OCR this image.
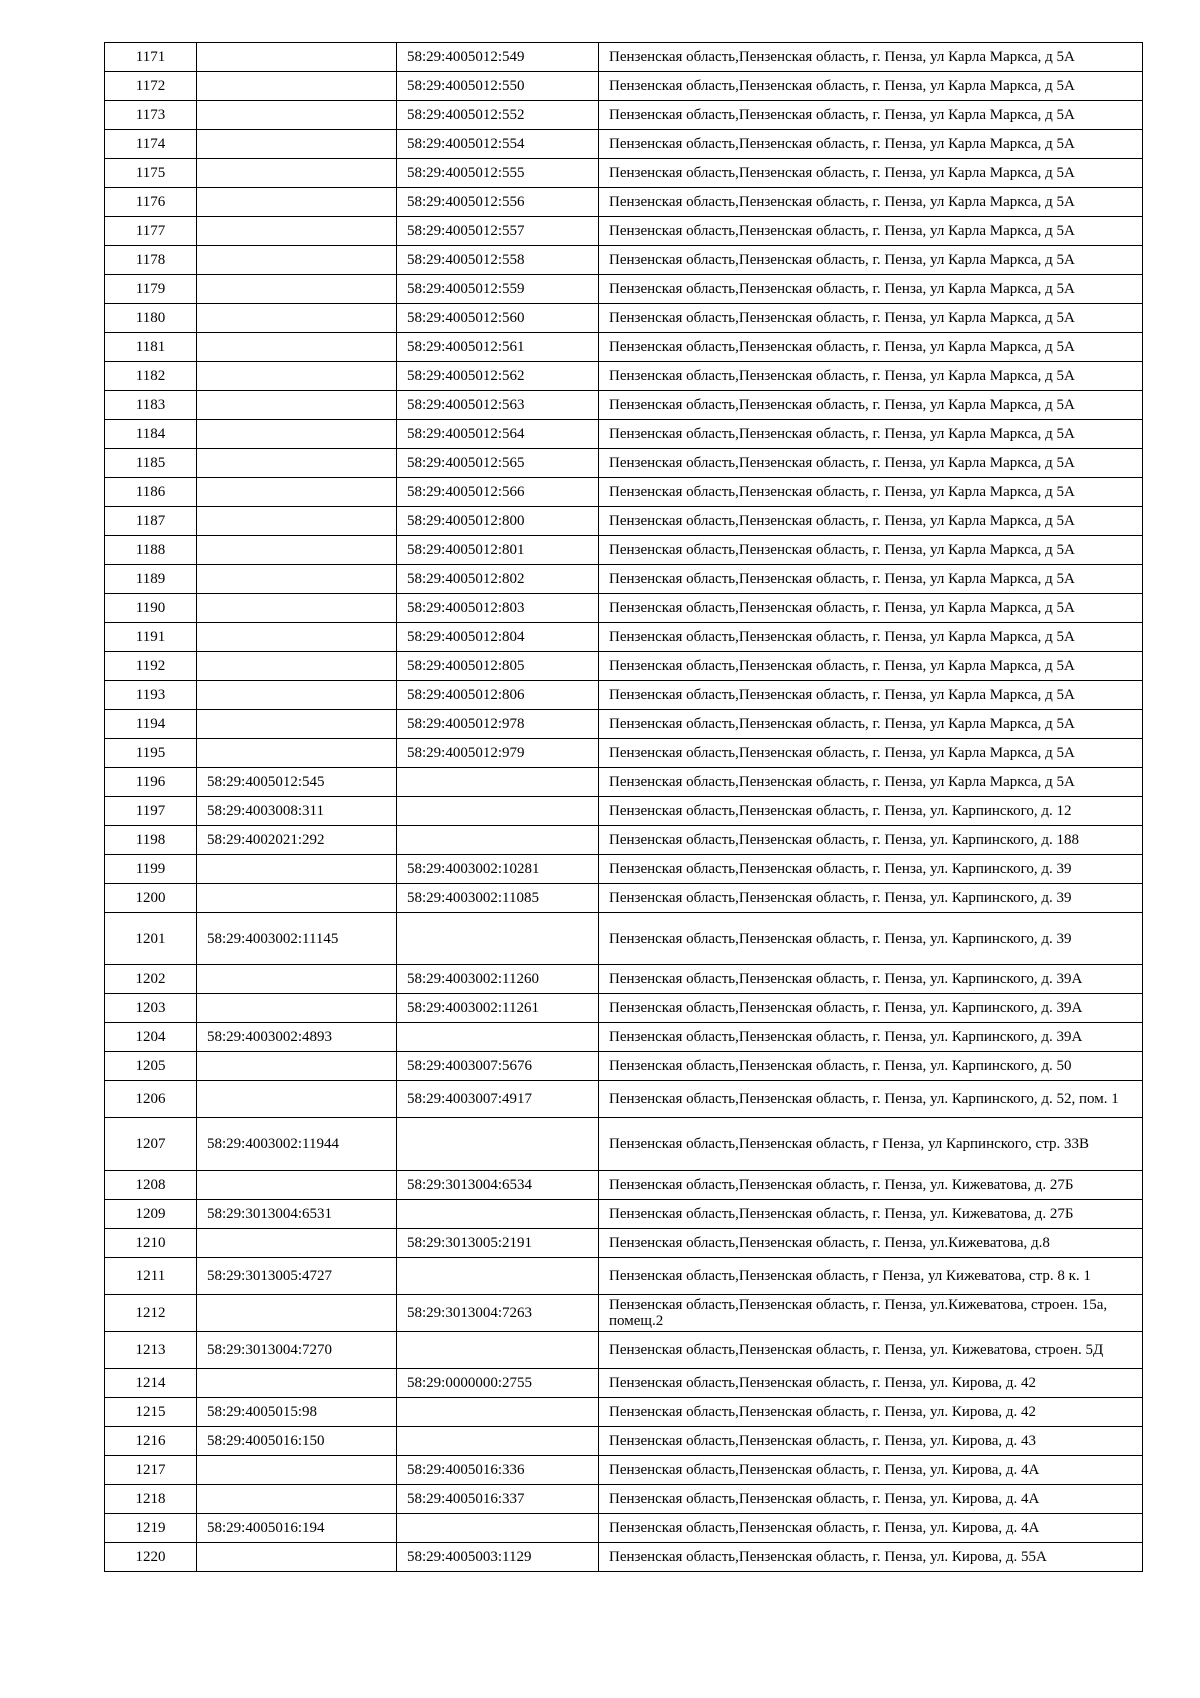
1171		58:29:4005012:549	Пензенская область,Пензенская область, г. Пенза, ул Карла Маркса, д 5А
1172		58:29:4005012:550	Пензенская область,Пензенская область, г. Пенза, ул Карла Маркса, д 5А
1173		58:29:4005012:552	Пензенская область,Пензенская область, г. Пенза, ул Карла Маркса, д 5А
1174		58:29:4005012:554	Пензенская область,Пензенская область, г. Пенза, ул Карла Маркса, д 5А
1175		58:29:4005012:555	Пензенская область,Пензенская область, г. Пенза, ул Карла Маркса, д 5А
1176		58:29:4005012:556	Пензенская область,Пензенская область, г. Пенза, ул Карла Маркса, д 5А
1177		58:29:4005012:557	Пензенская область,Пензенская область, г. Пенза, ул Карла Маркса, д 5А
1178		58:29:4005012:558	Пензенская область,Пензенская область, г. Пенза, ул Карла Маркса, д 5А
1179		58:29:4005012:559	Пензенская область,Пензенская область, г. Пенза, ул Карла Маркса, д 5А
1180		58:29:4005012:560	Пензенская область,Пензенская область, г. Пенза, ул Карла Маркса, д 5А
1181		58:29:4005012:561	Пензенская область,Пензенская область, г. Пенза, ул Карла Маркса, д 5А
1182		58:29:4005012:562	Пензенская область,Пензенская область, г. Пенза, ул Карла Маркса, д 5А
1183		58:29:4005012:563	Пензенская область,Пензенская область, г. Пенза, ул Карла Маркса, д 5А
1184		58:29:4005012:564	Пензенская область,Пензенская область, г. Пенза, ул Карла Маркса, д 5А
1185		58:29:4005012:565	Пензенская область,Пензенская область, г. Пенза, ул Карла Маркса, д 5А
1186		58:29:4005012:566	Пензенская область,Пензенская область, г. Пенза, ул Карла Маркса, д 5А
1187		58:29:4005012:800	Пензенская область,Пензенская область, г. Пенза, ул Карла Маркса, д 5А
1188		58:29:4005012:801	Пензенская область,Пензенская область, г. Пенза, ул Карла Маркса, д 5А
1189		58:29:4005012:802	Пензенская область,Пензенская область, г. Пенза, ул Карла Маркса, д 5А
1190		58:29:4005012:803	Пензенская область,Пензенская область, г. Пенза, ул Карла Маркса, д 5А
1191		58:29:4005012:804	Пензенская область,Пензенская область, г. Пенза, ул Карла Маркса, д 5А
1192		58:29:4005012:805	Пензенская область,Пензенская область, г. Пенза, ул Карла Маркса, д 5А
1193		58:29:4005012:806	Пензенская область,Пензенская область, г. Пенза, ул Карла Маркса, д 5А
1194		58:29:4005012:978	Пензенская область,Пензенская область, г. Пенза, ул Карла Маркса, д 5А
1195		58:29:4005012:979	Пензенская область,Пензенская область, г. Пенза, ул Карла Маркса, д 5А
1196	58:29:4005012:545		Пензенская область,Пензенская область, г. Пенза, ул Карла Маркса, д 5А
1197	58:29:4003008:311		Пензенская область,Пензенская область, г. Пенза, ул. Карпинского, д. 12
1198	58:29:4002021:292		Пензенская область,Пензенская область, г. Пенза, ул. Карпинского, д. 188
1199		58:29:4003002:10281	Пензенская область,Пензенская область, г. Пенза, ул. Карпинского, д. 39
1200		58:29:4003002:11085	Пензенская область,Пензенская область, г. Пенза, ул. Карпинского, д. 39
1201	58:29:4003002:11145		Пензенская область,Пензенская область, г. Пенза, ул. Карпинского, д. 39
1202		58:29:4003002:11260	Пензенская область,Пензенская область, г. Пенза, ул. Карпинского, д. 39А
1203		58:29:4003002:11261	Пензенская область,Пензенская область, г. Пенза, ул. Карпинского, д. 39А
1204	58:29:4003002:4893		Пензенская область,Пензенская область, г. Пенза, ул. Карпинского, д. 39А
1205		58:29:4003007:5676	Пензенская область,Пензенская область, г. Пенза, ул. Карпинского, д. 50
1206		58:29:4003007:4917	Пензенская область,Пензенская область, г. Пенза, ул. Карпинского, д. 52, пом. 1
1207	58:29:4003002:11944		Пензенская область,Пензенская область, г Пенза, ул Карпинского, стр. 33В
1208		58:29:3013004:6534	Пензенская область,Пензенская область, г. Пенза, ул. Кижеватова, д. 27Б
1209	58:29:3013004:6531		Пензенская область,Пензенская область, г. Пенза, ул. Кижеватова, д. 27Б
1210		58:29:3013005:2191	Пензенская область,Пензенская область, г. Пенза, ул.Кижеватова, д.8
1211	58:29:3013005:4727		Пензенская область,Пензенская область, г Пенза, ул Кижеватова, стр. 8 к. 1
1212		58:29:3013004:7263	Пензенская область,Пензенская область, г. Пенза, ул.Кижеватова, строен. 15а, помещ.2
1213	58:29:3013004:7270		Пензенская область,Пензенская область, г. Пенза, ул. Кижеватова, строен. 5Д
1214		58:29:0000000:2755	Пензенская область,Пензенская область, г. Пенза, ул. Кирова, д. 42
1215	58:29:4005015:98		Пензенская область,Пензенская область, г. Пенза, ул. Кирова, д. 42
1216	58:29:4005016:150		Пензенская область,Пензенская область, г. Пенза, ул. Кирова, д. 43
1217		58:29:4005016:336	Пензенская область,Пензенская область, г. Пенза, ул. Кирова, д. 4А
1218		58:29:4005016:337	Пензенская область,Пензенская область, г. Пенза, ул. Кирова, д. 4А
1219	58:29:4005016:194		Пензенская область,Пензенская область, г. Пенза, ул. Кирова, д. 4А
1220		58:29:4005003:1129	Пензенская область,Пензенская область, г. Пенза, ул. Кирова, д. 55А
